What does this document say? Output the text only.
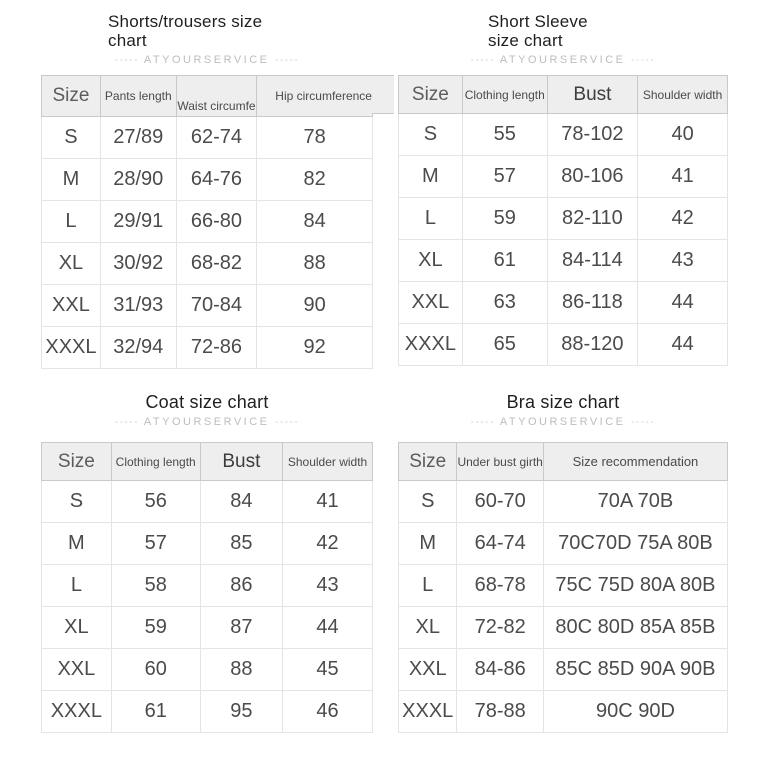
Shorts/trousers size
chart
----- ATYOURSERVICE -----
Size	Pants length	Waist circumfe	Hip circumference
S	27/89	62-74	78
M	28/90	64-76	82
L	29/91	66-80	84
XL	30/92	68-82	88
XXL	31/93	70-84	90
XXXL	32/94	72-86	92
Short Sleeve
size chart
----- ATYOURSERVICE -----
Size	Clothing length	Bust	Shoulder width
S	55	78-102	40
M	57	80-106	41
L	59	82-110	42
XL	61	84-114	43
XXL	63	86-118	44
XXXL	65	88-120	44
Coat size chart
----- ATYOURSERVICE -----
Size	Clothing length	Bust	Shoulder width
S	56	84	41
M	57	85	42
L	58	86	43
XL	59	87	44
XXL	60	88	45
XXXL	61	95	46
Bra size chart
----- ATYOURSERVICE -----
Size	Under bust girth	Size recommendation
S	60-70	70A 70B
M	64-74	70C70D 75A 80B
L	68-78	75C 75D 80A 80B
XL	72-82	80C 80D 85A 85B
XXL	84-86	85C 85D 90A 90B
XXXL	78-88	90C 90D
